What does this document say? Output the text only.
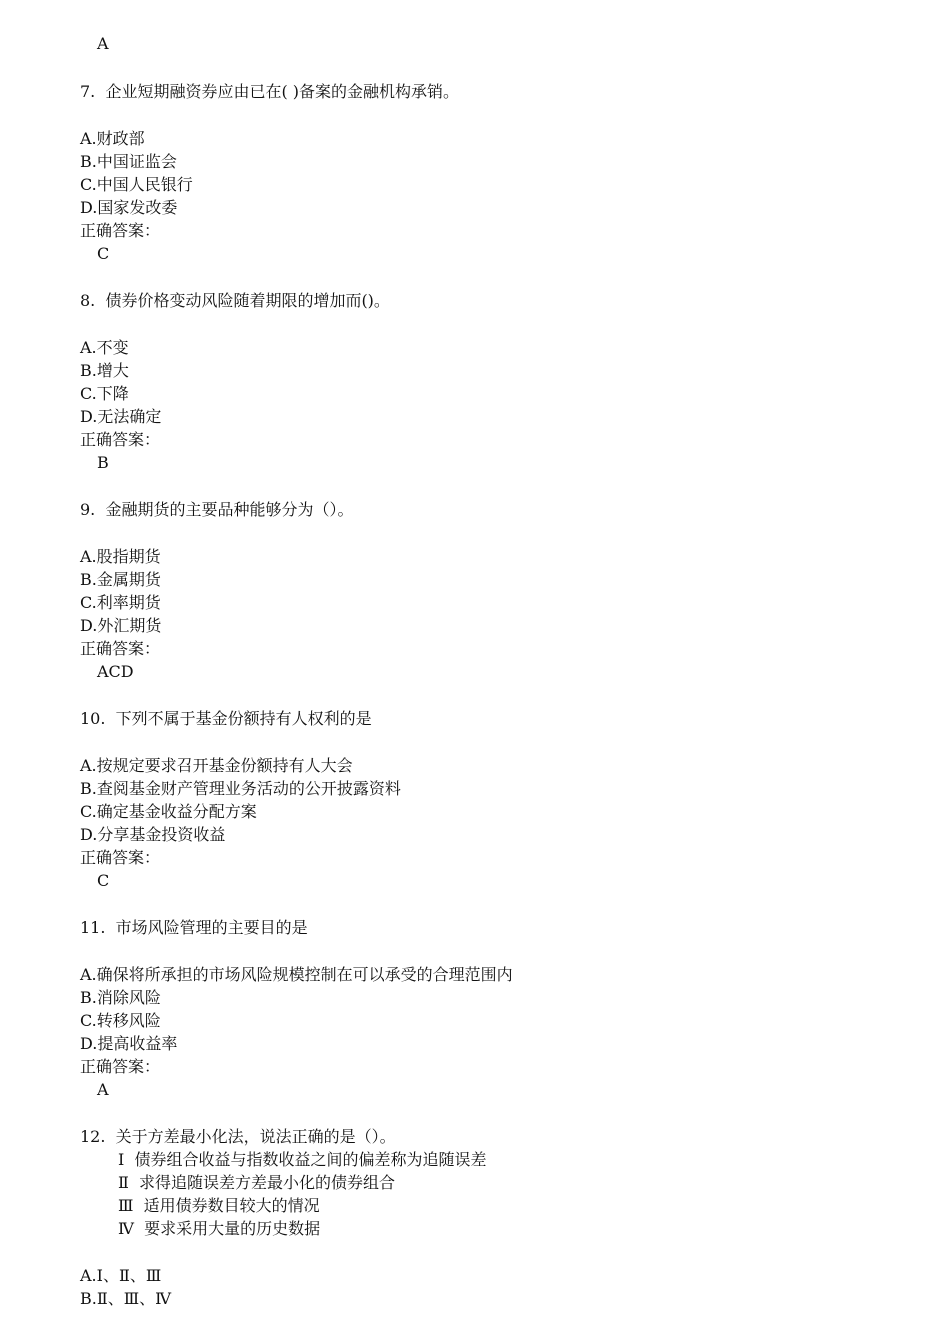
A
7. 企业短期融资券应由已在( )备案的金融机构承销。
A.财政部
B.中国证监会
C.中国人民银行
D.国家发改委
正确答案：
C
8. 债券价格变动风险随着期限的增加而()。
A.不变
B.增大
C.下降
D.无法确定
正确答案：
B
9. 金融期货的主要品种能够分为（）。
A.股指期货
B.金属期货
C.利率期货
D.外汇期货
正确答案：
ACD
10. 下列不属于基金份额持有人权利的是
A.按规定要求召开基金份额持有人大会
B.查阅基金财产管理业务活动的公开披露资料
C.确定基金收益分配方案
D.分享基金投资收益
正确答案：
C
11. 市场风险管理的主要目的是
A.确保将所承担的市场风险规模控制在可以承受的合理范围内
B.消除风险
C.转移风险
D.提高收益率
正确答案：
A
12. 关于方差最小化法，说法正确的是（）。
Ⅰ  债券组合收益与指数收益之间的偏差称为追随误差
Ⅱ  求得追随误差方差最小化的债券组合
Ⅲ  适用债券数目较大的情况
Ⅳ  要求采用大量的历史数据
A.Ⅰ、Ⅱ、Ⅲ
B.Ⅱ、Ⅲ、Ⅳ
